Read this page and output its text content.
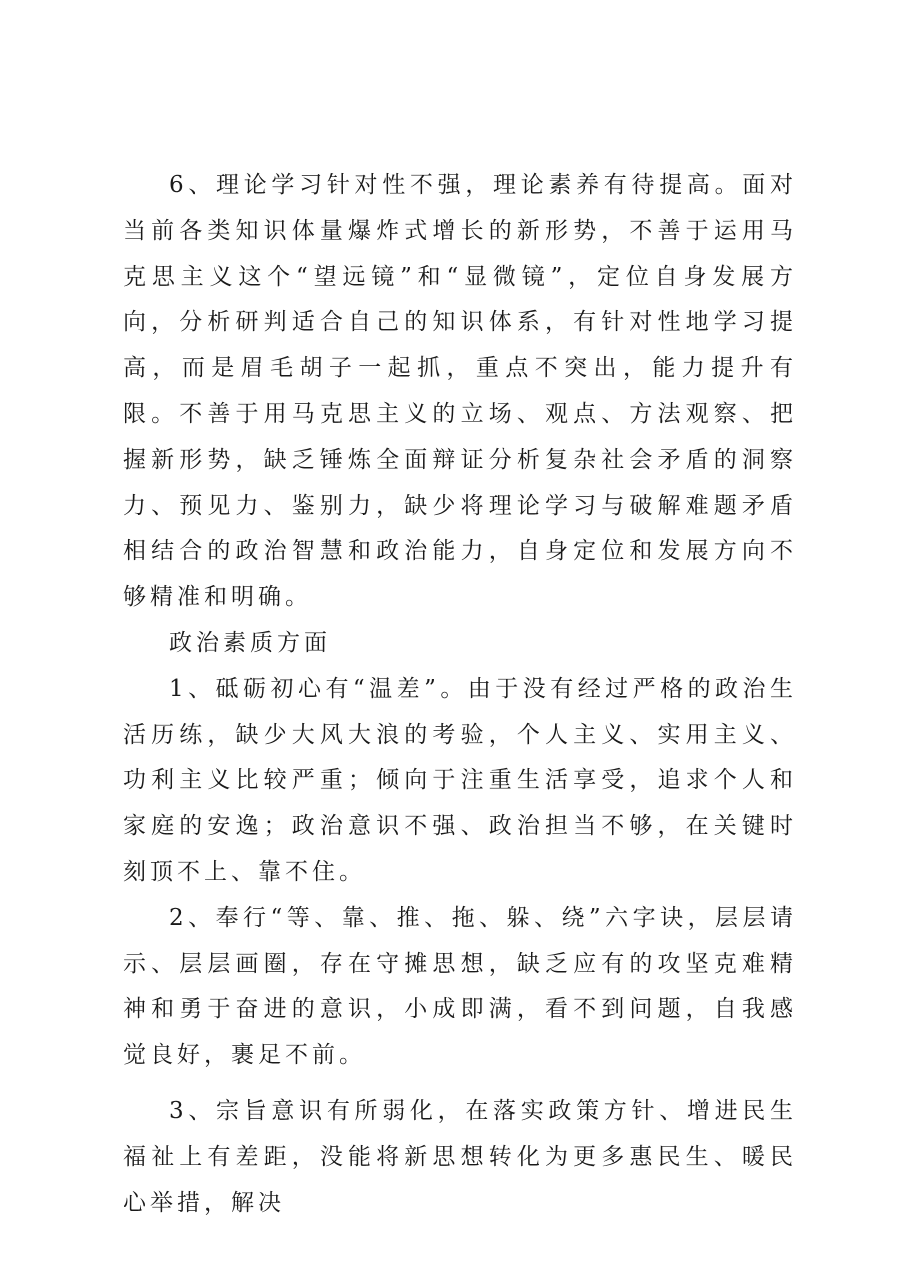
6、理论学习针对性不强，理论素养有待提高。面对当前各类知识体量爆炸式增长的新形势，不善于运用马克思主义这个“望远镜”和“显微镜”，定位自身发展方向，分析研判适合自己的知识体系，有针对性地学习提高，而是眉毛胡子一起抓，重点不突出，能力提升有限。不善于用马克思主义的立场、观点、方法观察、把握新形势，缺乏锤炼全面辩证分析复杂社会矛盾的洞察力、预见力、鉴别力，缺少将理论学习与破解难题矛盾相结合的政治智慧和政治能力，自身定位和发展方向不够精准和明确。

政治素质方面

1、砥砺初心有“温差”。由于没有经过严格的政治生活历练，缺少大风大浪的考验，个人主义、实用主义、功利主义比较严重；倾向于注重生活享受，追求个人和家庭的安逸；政治意识不强、政治担当不够，在关键时刻顶不上、靠不住。

2、奉行“等、靠、推、拖、躲、绕”六字诀，层层请示、层层画圈，存在守摊思想，缺乏应有的攻坚克难精神和勇于奋进的意识，小成即满，看不到问题，自我感觉良好，裹足不前。

3、宗旨意识有所弱化，在落实政策方针、增进民生福祉上有差距，没能将新思想转化为更多惠民生、暖民心举措，解决
